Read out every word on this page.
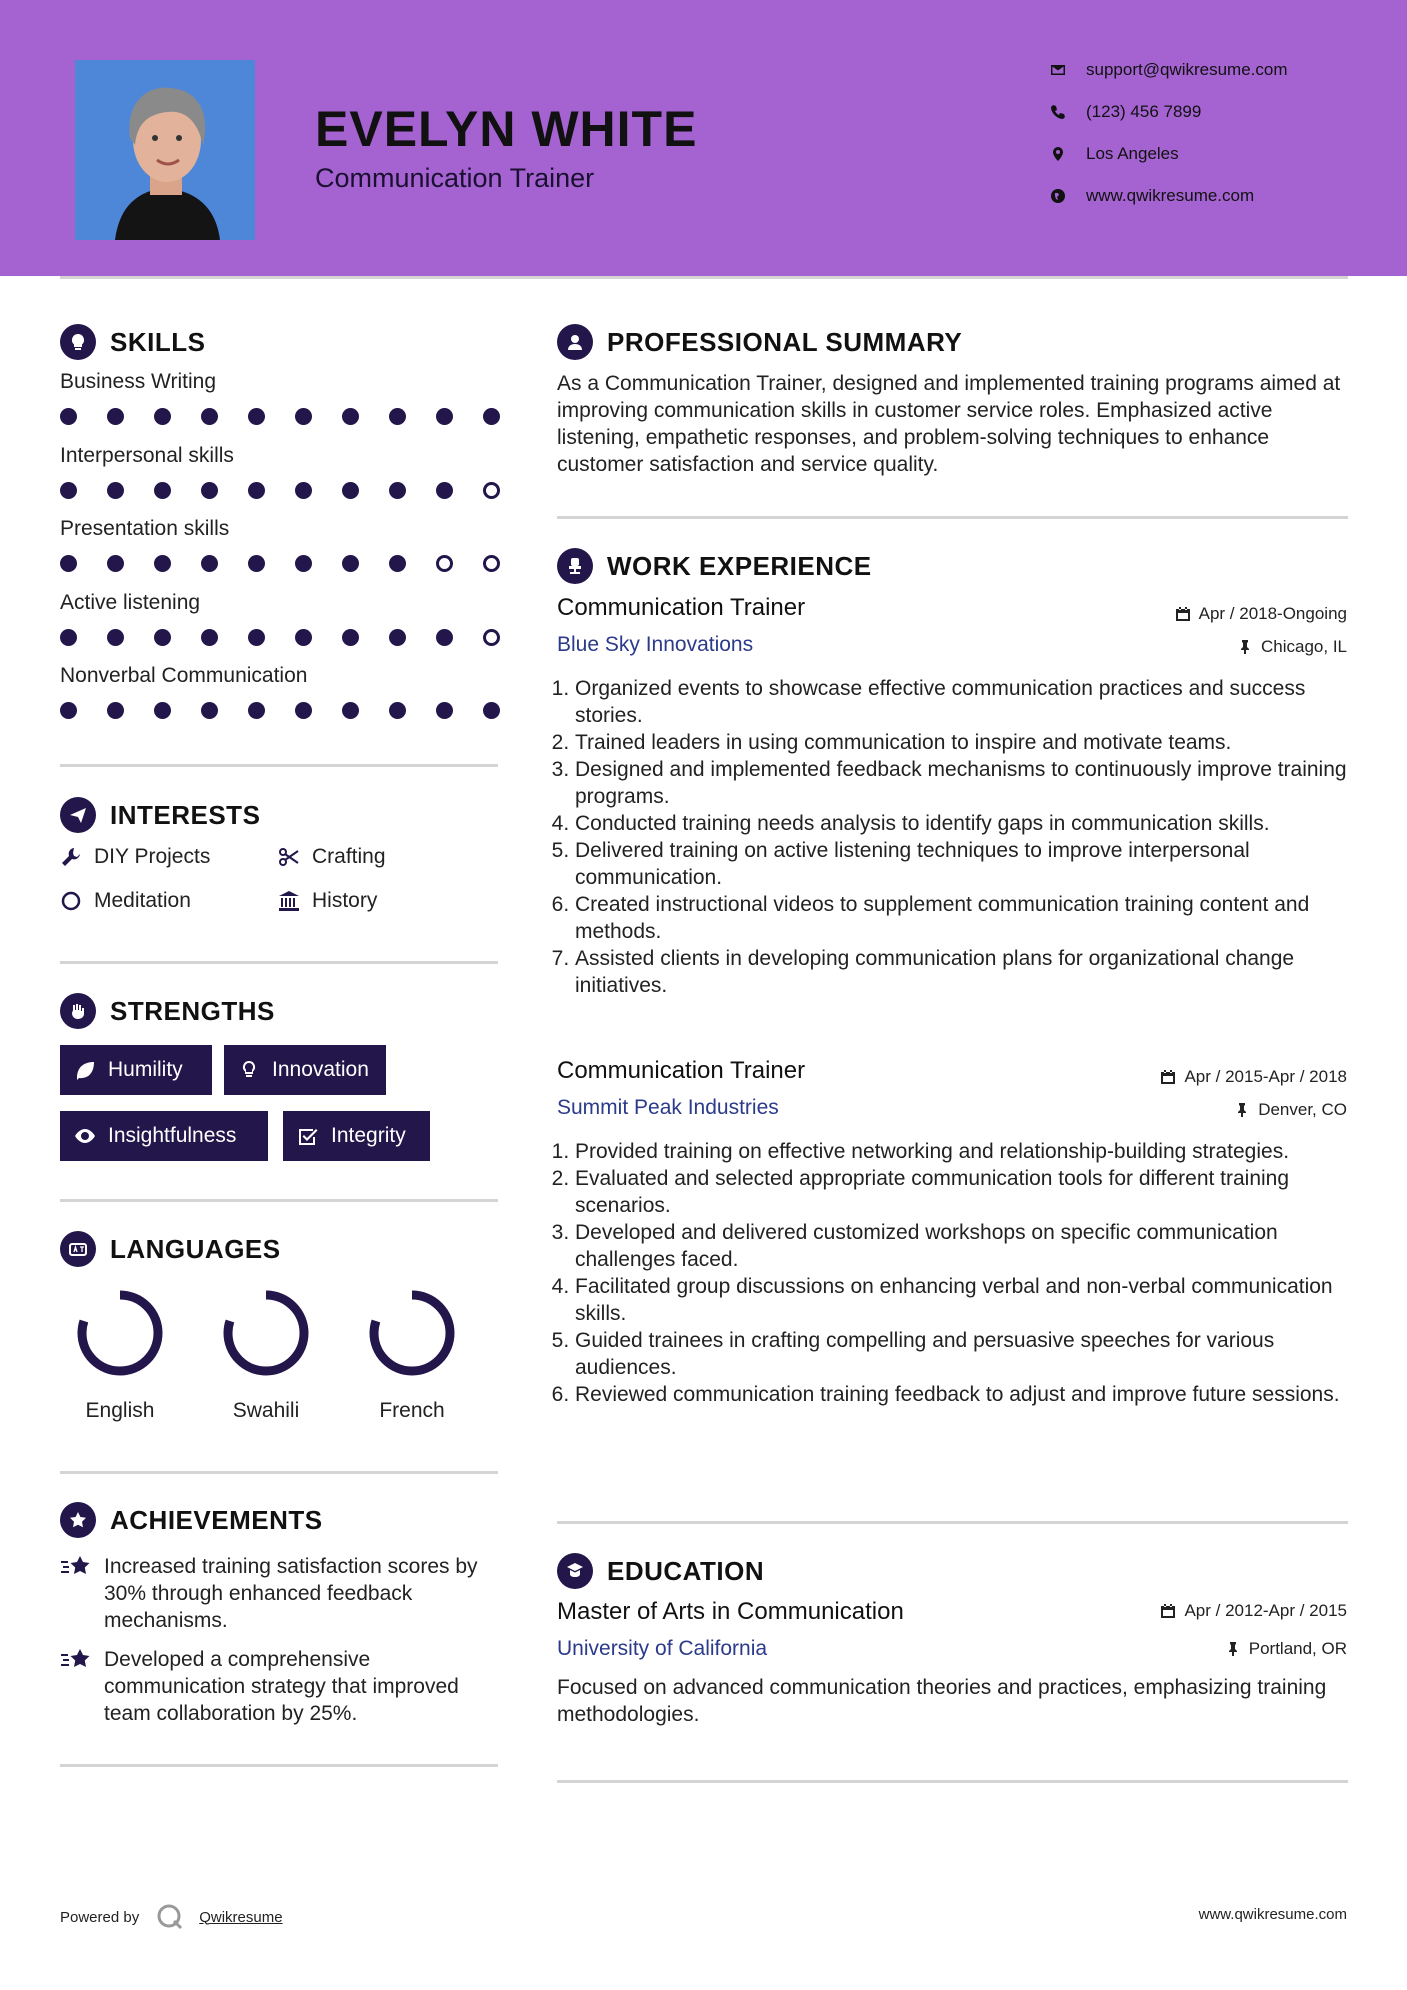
EVELYN WHITE
Communication Trainer
support@qwikresume.com
(123) 456 7899
Los Angeles
www.qwikresume.com
SKILLS
Business Writing
Interpersonal skills
Presentation skills
Active listening
Nonverbal Communication
INTERESTS
DIY Projects	Crafting
Meditation	History
STRENGTHS
Humility	Innovation
Insightfulness	Integrity
LANGUAGES
English	Swahili	French
ACHIEVEMENTS
Increased training satisfaction scores by 30% through enhanced feedback mechanisms.
Developed a comprehensive communication strategy that improved team collaboration by 25%.
PROFESSIONAL SUMMARY
As a Communication Trainer, designed and implemented training programs aimed at improving communication skills in customer service roles. Emphasized active listening, empathetic responses, and problem-solving techniques to enhance customer satisfaction and service quality.
WORK EXPERIENCE
Communication Trainer	Apr / 2018-Ongoing
Blue Sky Innovations	Chicago, IL
1. Organized events to showcase effective communication practices and success stories.
2. Trained leaders in using communication to inspire and motivate teams.
3. Designed and implemented feedback mechanisms to continuously improve training programs.
4. Conducted training needs analysis to identify gaps in communication skills.
5. Delivered training on active listening techniques to improve interpersonal communication.
6. Created instructional videos to supplement communication training content and methods.
7. Assisted clients in developing communication plans for organizational change initiatives.
Communication Trainer	Apr / 2015-Apr / 2018
Summit Peak Industries	Denver, CO
1. Provided training on effective networking and relationship-building strategies.
2. Evaluated and selected appropriate communication tools for different training scenarios.
3. Developed and delivered customized workshops on specific communication challenges faced.
4. Facilitated group discussions on enhancing verbal and non-verbal communication skills.
5. Guided trainees in crafting compelling and persuasive speeches for various audiences.
6. Reviewed communication training feedback to adjust and improve future sessions.
EDUCATION
Master of Arts in Communication	Apr / 2012-Apr / 2015
University of California	Portland, OR
Focused on advanced communication theories and practices, emphasizing training methodologies.
Powered by	Qwikresume	www.qwikresume.com
